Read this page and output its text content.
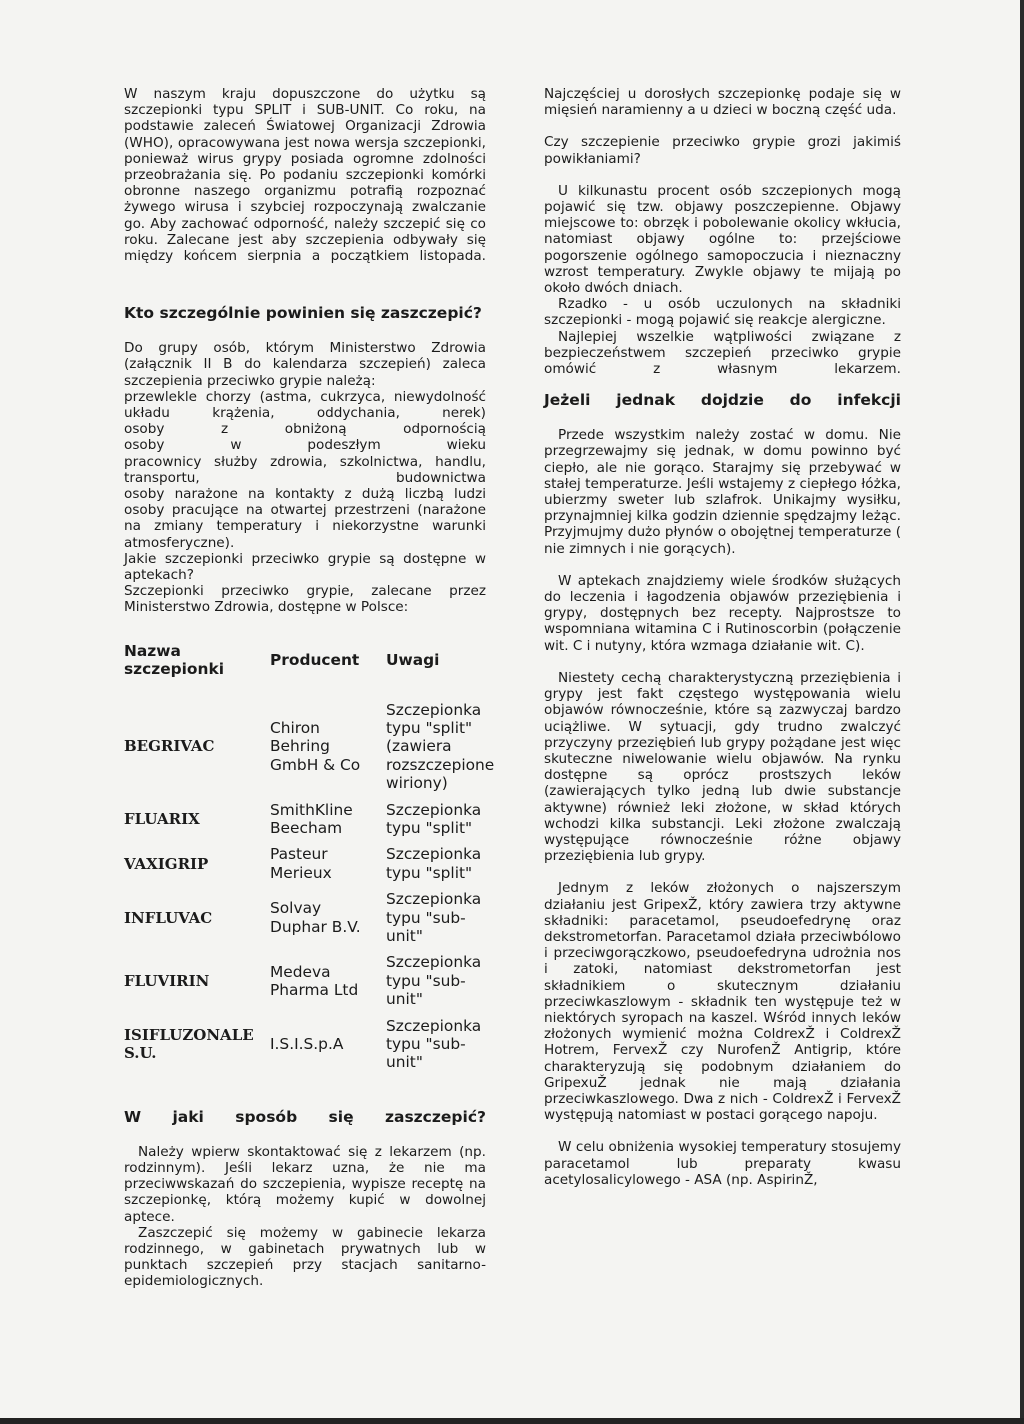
W naszym kraju dopuszczone do użytku są szczepionki typu SPLIT i SUB-UNIT. Co roku, na podstawie zaleceń Światowej Organizacji Zdrowia (WHO), opracowywana jest nowa wersja szczepionki, ponieważ wirus grypy posiada ogromne zdolności przeobrażania się. Po podaniu szczepionki komórki obronne naszego organizmu potrafią rozpoznać żywego wirusa i szybciej rozpoczynają zwalczanie go. Aby zachować odporność, należy szczepić się co roku. Zalecane jest aby szczepienia odbywały się między końcem sierpnia a początkiem listopada.

Kto szczególnie powinien się zaszczepić?

Do grupy osób, którym Ministerstwo Zdrowia (załącznik II B do kalendarza szczepień) zaleca szczepienia przeciwko grypie należą:

przewlekle chorzy (astma, cukrzyca, niewydolność układu krążenia, oddychania, nerek)
osoby z obniżoną odpornością
osoby w podeszłym wieku
pracownicy służby zdrowia, szkolnictwa, handlu, transportu, budownictwa
osoby narażone na kontakty z dużą liczbą ludzi
osoby pracujące na otwartej przestrzeni (narażone na zmiany temperatury i niekorzystne warunki atmosferyczne).

Jakie szczepionki przeciwko grypie są dostępne w aptekach?

Szczepionki przeciwko grypie, zalecane przez Ministerstwo Zdrowia, dostępne w Polsce:

Nazwa szczepionki	Producent	Uwagi
BEGRIVAC	Chiron Behring GmbH & Co	Szczepionka typu "split" (zawiera rozszczepione wiriony)
FLUARIX	SmithKline Beecham	Szczepionka typu "split"
VAXIGRIP	Pasteur Merieux	Szczepionka typu "split"
INFLUVAC	Solvay Duphar B.V.	Szczepionka typu "sub-unit"
FLUVIRIN	Medeva Pharma Ltd	Szczepionka typu "sub-unit"
ISIFLUZONALE S.U.	I.S.I.S.p.A	Szczepionka typu "sub-unit"

W jaki sposób się zaszczepić?

Należy wpierw skontaktować się z lekarzem (np. rodzinnym). Jeśli lekarz uzna, że nie ma przeciwwskazań do szczepienia, wypisze receptę na szczepionkę, którą możemy kupić w dowolnej aptece.

Zaszczepić się możemy w gabinecie lekarza rodzinnego, w gabinetach prywatnych lub w punktach szczepień przy stacjach sanitarno-epidemiologicznych.

Najczęściej u dorosłych szczepionkę podaje się w mięsień naramienny a u dzieci w boczną część uda.

Czy szczepienie przeciwko grypie grozi jakimiś powikłaniami?

U kilkunastu procent osób szczepionych mogą pojawić się tzw. objawy poszczepienne. Objawy miejscowe to: obrzęk i pobolewanie okolicy wkłucia, natomiast objawy ogólne to: przejściowe pogorszenie ogólnego samopoczucia i nieznaczny wzrost temperatury. Zwykle objawy te mijają po około dwóch dniach.

Rzadko - u osób uczulonych na składniki szczepionki - mogą pojawić się reakcje alergiczne.

Najlepiej wszelkie wątpliwości związane z bezpieczeństwem szczepień przeciwko grypie omówić z własnym lekarzem.

Jeżeli jednak dojdzie do infekcji

Przede wszystkim należy zostać w domu. Nie przegrzewajmy się jednak, w domu powinno być ciepło, ale nie gorąco. Starajmy się przebywać w stałej temperaturze. Jeśli wstajemy z ciepłego łóżka, ubierzmy sweter lub szlafrok. Unikajmy wysiłku, przynajmniej kilka godzin dziennie spędzajmy leżąc. Przyjmujmy dużo płynów o obojętnej temperaturze ( nie zimnych i nie gorących).

W aptekach znajdziemy wiele środków służących do leczenia i łagodzenia objawów przeziębienia i grypy, dostępnych bez recepty. Najprostsze to wspomniana witamina C i Rutinoscorbin (połączenie wit. C i nutyny, która wzmaga działanie wit. C).

Niestety cechą charakterystyczną przeziębienia i grypy jest fakt częstego występowania wielu objawów równocześnie, które są zazwyczaj bardzo uciążliwe. W sytuacji, gdy trudno zwalczyć przyczyny przeziębień lub grypy pożądane jest więc skuteczne niwelowanie wielu objawów. Na rynku dostępne są oprócz prostszych leków (zawierających tylko jedną lub dwie substancje aktywne) również leki złożone, w skład których wchodzi kilka substancji. Leki złożone zwalczają występujące równocześnie różne objawy przeziębienia lub grypy.

Jednym z leków złożonych o najszerszym działaniu jest GripexŽ, który zawiera trzy aktywne składniki: paracetamol, pseudoefedrynę oraz dekstrometorfan. Paracetamol działa przeciwbólowo i przeciwgorączkowo, pseudoefedryna udrożnia nos i zatoki, natomiast dekstrometorfan jest składnikiem o skutecznym działaniu przeciwkaszlowym - składnik ten występuje też w niektórych syropach na kaszel. Wśród innych leków złożonych wymienić można ColdrexŽ i ColdrexŽ Hotrem, FervexŽ czy NurofenŽ Antigrip, które charakteryzują się podobnym działaniem do GripexuŽ jednak nie mają działania przeciwkaszlowego. Dwa z nich - ColdrexŽ i FervexŽ występują natomiast w postaci gorącego napoju.

W celu obniżenia wysokiej temperatury stosujemy paracetamol lub preparaty kwasu acetylosalicylowego - ASA (np. AspirinŽ,
